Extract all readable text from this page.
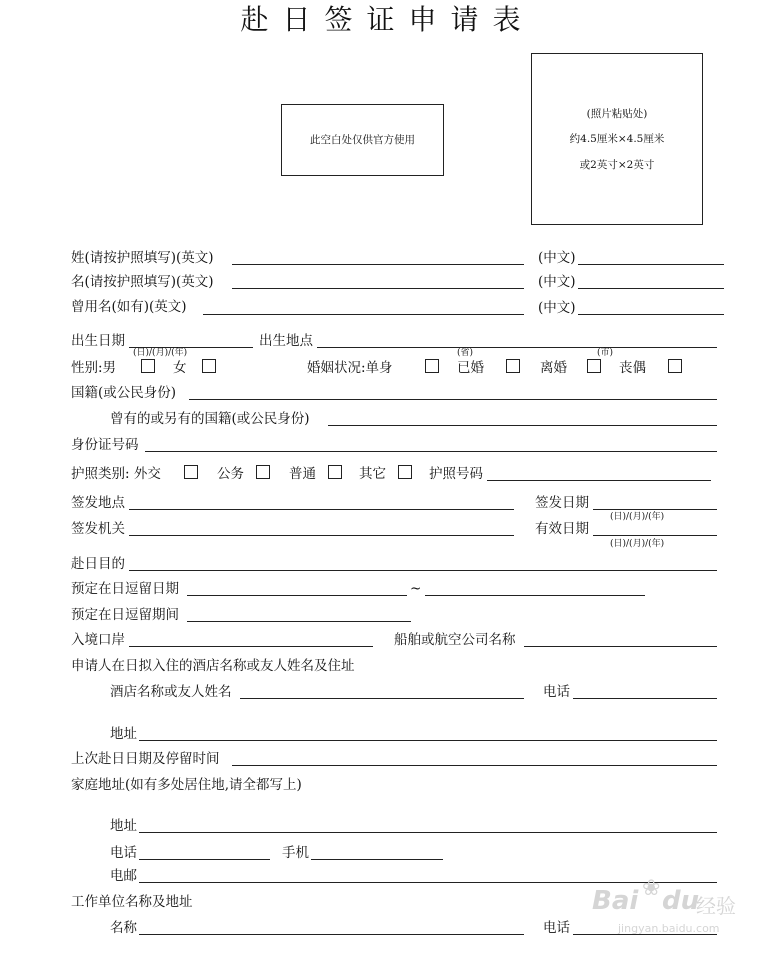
赴日签证申请表
此空白处仅供官方使用
(照片粘贴处)
约4.5厘米×4.5厘米
或2英寸×2英寸
姓(请按护照填写)(英文)	(中文)
名(请按护照填写)(英文)	(中文)
曾用名(如有)(英文)	(中文)
出生日期	出生地点
(日)/(月)/(年)	(省)	(市)
性别:男	女	婚姻状况:单身	已婚	离婚	丧偶
国籍(或公民身份)
曾有的或另有的国籍(或公民身份)
身份证号码
护照类别: 外交	公务	普通	其它	护照号码
签发地点	签发日期
(日)/(月)/(年)
签发机关	有效日期
(日)/(月)/(年)
赴日目的
预定在日逗留日期	~
预定在日逗留期间
入境口岸	船舶或航空公司名称
申请人在日拟入住的酒店名称或友人姓名及住址
酒店名称或友人姓名	电话
地址
上次赴日日期及停留时间
家庭地址(如有多处居住地,请全都写上)
地址
电话	手机
电邮
工作单位名称及地址
名称	电话
Bai ❀ du
经验
jingyan.baidu.com
